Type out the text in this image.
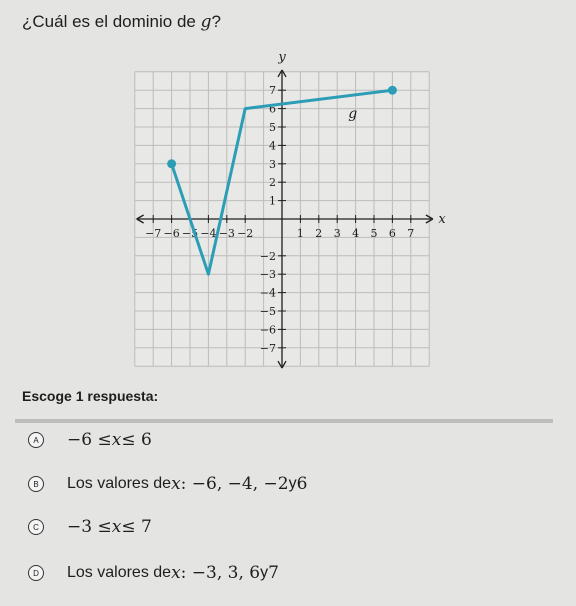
¿Cuál es el dominio de g?
−7 −6 −5 −4 −3 −2	1 2 3 4 5 6 7
7
6
5
4
3
2
1
−2
−3
−4
−5
−6
−7
x
y
g
Escoge 1 respuesta:
A	−6 ≤ x ≤ 6
B	Los valores de x : −6, −4, −2 y 6
C	−3 ≤ x ≤ 7
D	Los valores de x : −3, 3, 6 y 7
